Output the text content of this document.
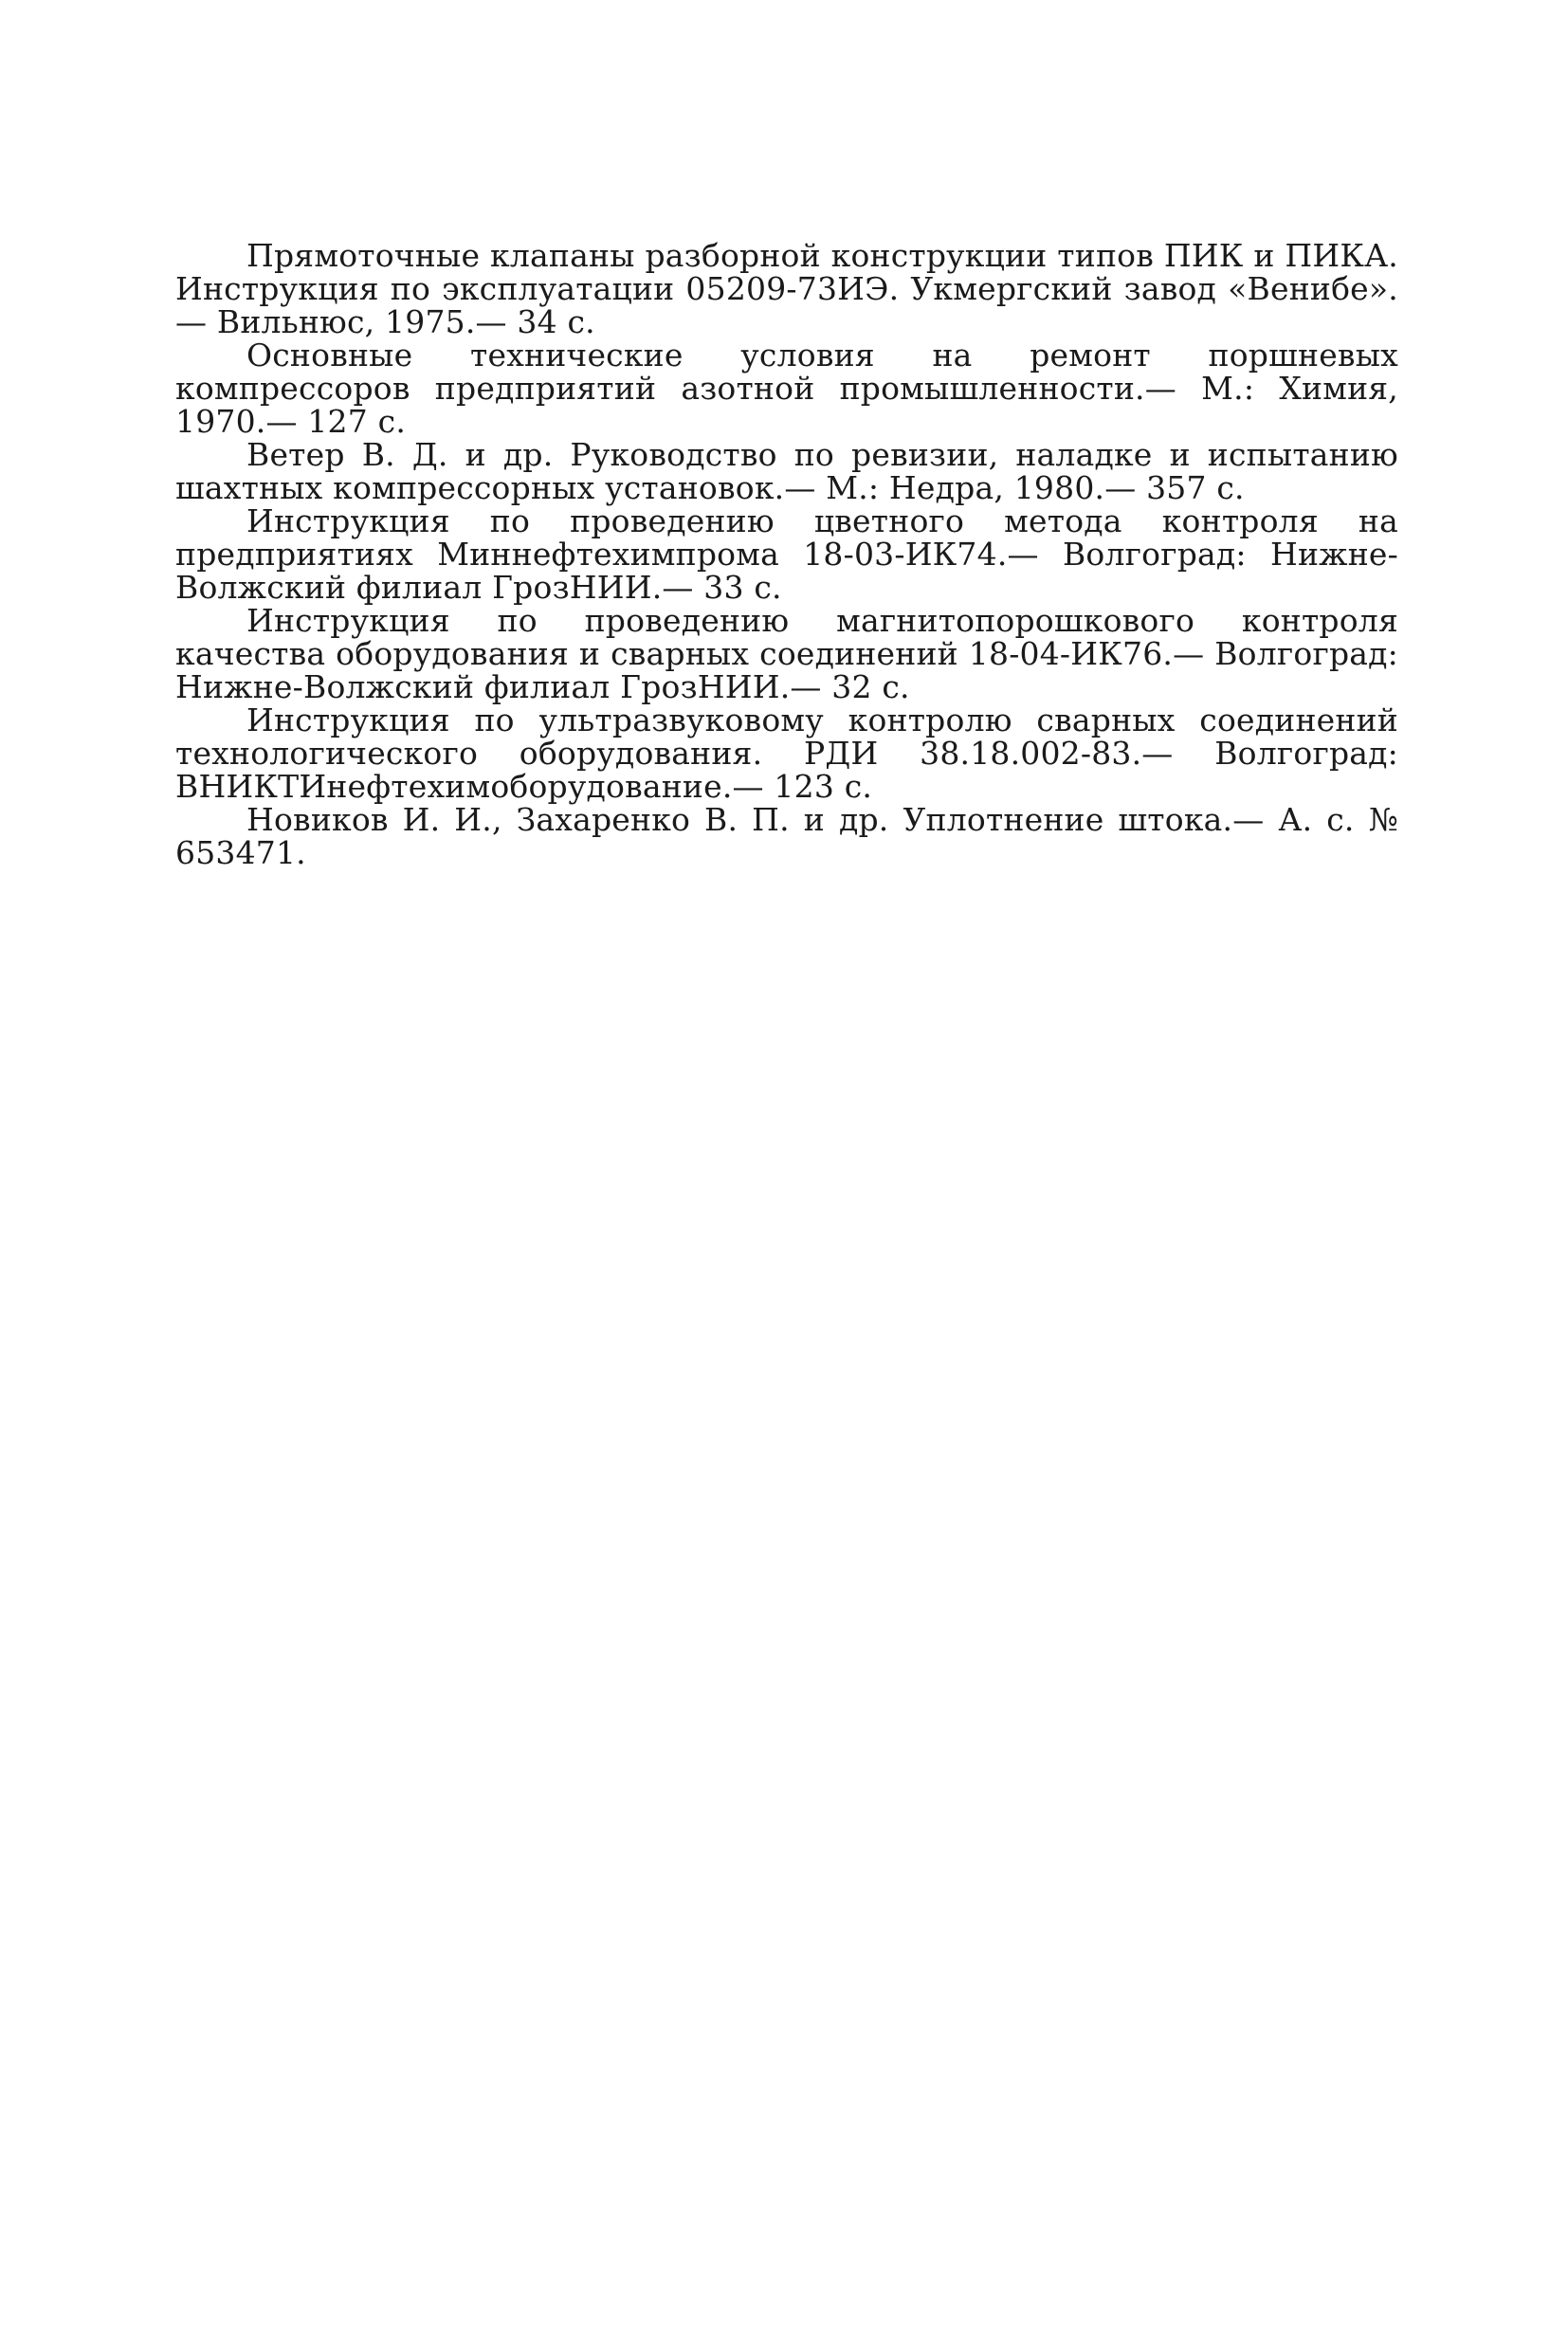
Прямоточные клапаны разборной конструкции типов ПИК и ПИКА. Инструкция по эксплуатации 05209-73ИЭ. Укмергский завод «Венибе».— Вильнюс, 1975.— 34 с.

Основные технические условия на ремонт поршневых компрессоров предприятий азотной промышленности.— М.: Химия, 1970.— 127 с.

Ветер В. Д. и др. Руководство по ревизии, наладке и испытанию шахтных компрессорных установок.— М.: Недра, 1980.— 357 с.

Инструкция по проведению цветного метода контроля на предприятиях Миннефтехимпрома 18-03-ИК74.— Волгоград: Нижне-Волжский филиал ГрозНИИ.— 33 с.

Инструкция по проведению магнитопорошкового контроля качества оборудования и сварных соединений 18-04-ИК76.— Волгоград: Нижне-Волжский филиал ГрозНИИ.— 32 с.

Инструкция по ультразвуковому контролю сварных соединений технологического оборудования. РДИ 38.18.002-83.— Волгоград: ВНИКТИнефтехимоборудование.— 123 с.

Новиков И. И., Захаренко В. П. и др. Уплотнение штока.— А. с. № 653471.
